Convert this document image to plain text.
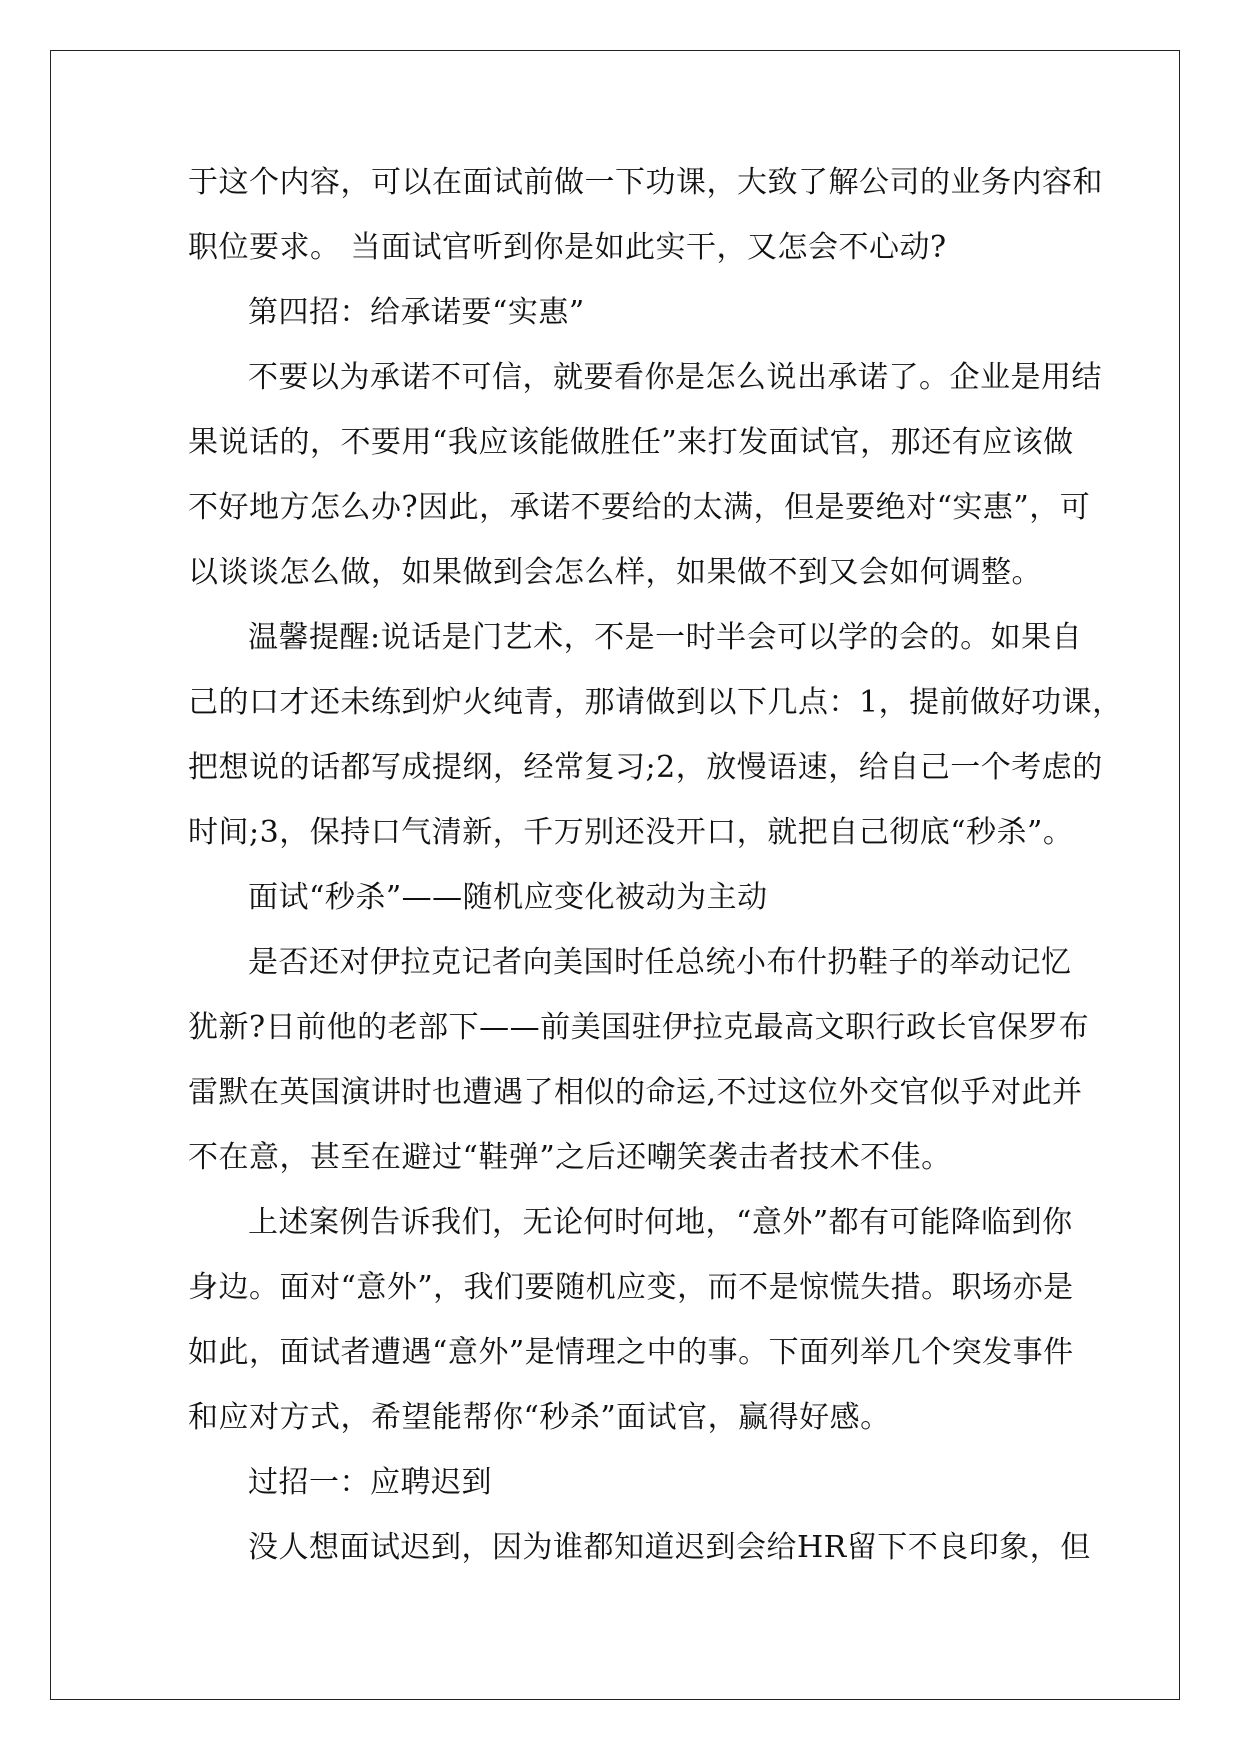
于这个内容，可以在面试前做一下功课，大致了解公司的业务内容和
职位要求。 当面试官听到你是如此实干，又怎会不心动?
第四招：给承诺要“实惠”
不要以为承诺不可信，就要看你是怎么说出承诺了。企业是用结
果说话的，不要用“我应该能做胜任”来打发面试官，那还有应该做
不好地方怎么办?因此，承诺不要给的太满，但是要绝对“实惠”，可
以谈谈怎么做，如果做到会怎么样，如果做不到又会如何调整。
温馨提醒:说话是门艺术，不是一时半会可以学的会的。如果自
己的口才还未练到炉火纯青，那请做到以下几点：1，提前做好功课，
把想说的话都写成提纲，经常复习;2，放慢语速，给自己一个考虑的
时间;3，保持口气清新，千万别还没开口，就把自己彻底“秒杀”。
面试“秒杀”——随机应变化被动为主动
是否还对伊拉克记者向美国时任总统小布什扔鞋子的举动记忆
犹新?日前他的老部下——前美国驻伊拉克最高文职行政长官保罗布
雷默在英国演讲时也遭遇了相似的命运,不过这位外交官似乎对此并
不在意，甚至在避过“鞋弹”之后还嘲笑袭击者技术不佳。
上述案例告诉我们，无论何时何地，“意外”都有可能降临到你
身边。面对“意外”，我们要随机应变，而不是惊慌失措。职场亦是
如此，面试者遭遇“意外”是情理之中的事。下面列举几个突发事件
和应对方式，希望能帮你“秒杀”面试官，赢得好感。
过招一：应聘迟到
没人想面试迟到，因为谁都知道迟到会给HR留下不良印象，但
